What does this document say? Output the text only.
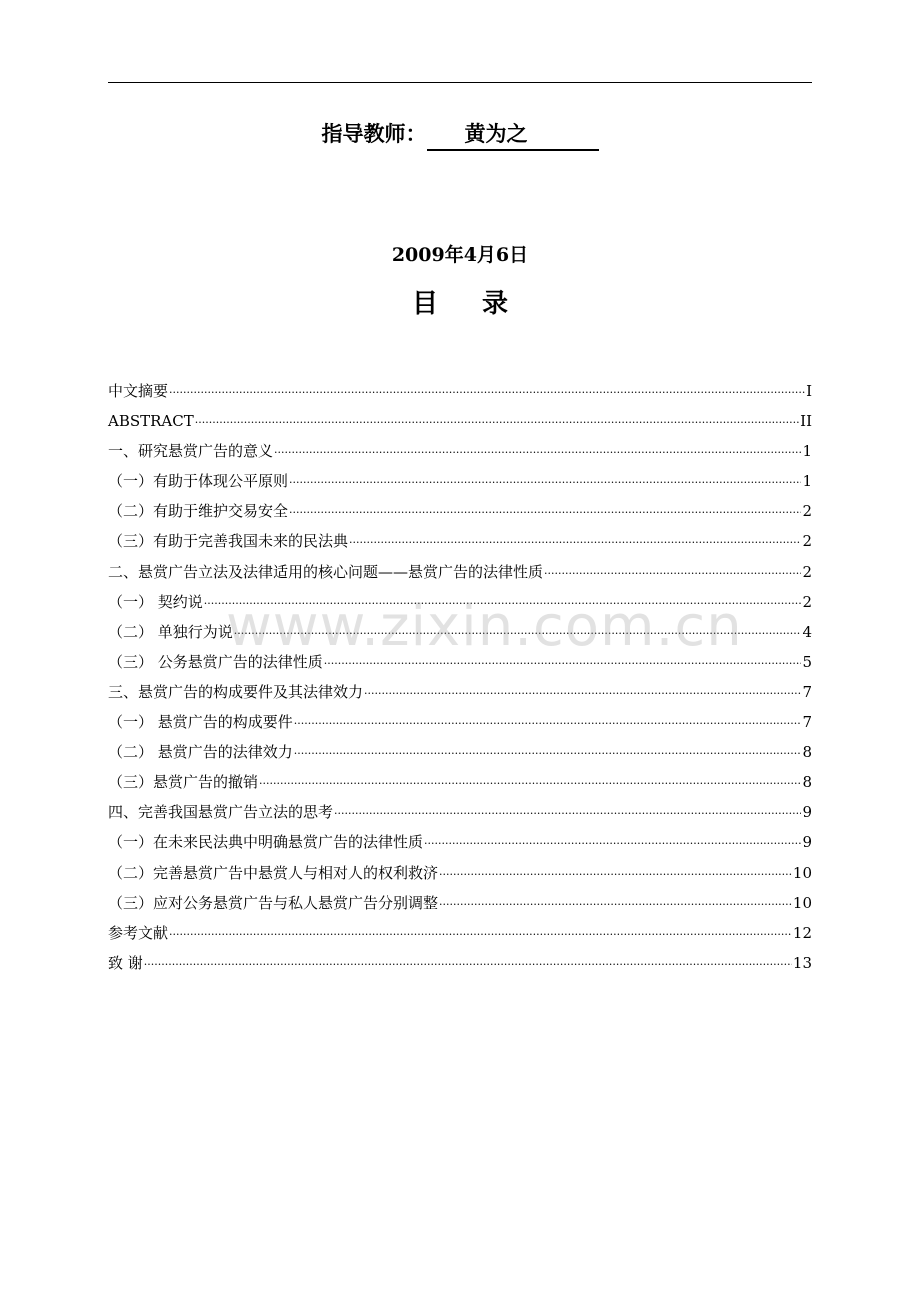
指导教师： 黄为之
2009年4月6日
目录
中文摘要 ·····	I
ABSTRACT ·····	II
一、研究悬赏广告的意义 ·····	1
（一）有助于体现公平原则 ·····	1
（二）有助于维护交易安全 ·····	2
（三）有助于完善我国未来的民法典 ·····	2
二、悬赏广告立法及法律适用的核心问题——悬赏广告的法律性质 ·····	2
（一） 契约说 ·····	2
（二） 单独行为说 ·····	4
（三） 公务悬赏广告的法律性质 ·····	5
三、悬赏广告的构成要件及其法律效力 ·····	7
（一） 悬赏广告的构成要件 ·····	7
（二） 悬赏广告的法律效力 ·····	8
（三）悬赏广告的撤销 ·····	8
四、完善我国悬赏广告立法的思考 ·····	9
（一）在未来民法典中明确悬赏广告的法律性质 ·····	9
（二）完善悬赏广告中悬赏人与相对人的权利救济 ·····	10
（三）应对公务悬赏广告与私人悬赏广告分别调整 ·····	10
参考文献 ·····	12
致 谢 ·····	13
www.zixin.com.cn
